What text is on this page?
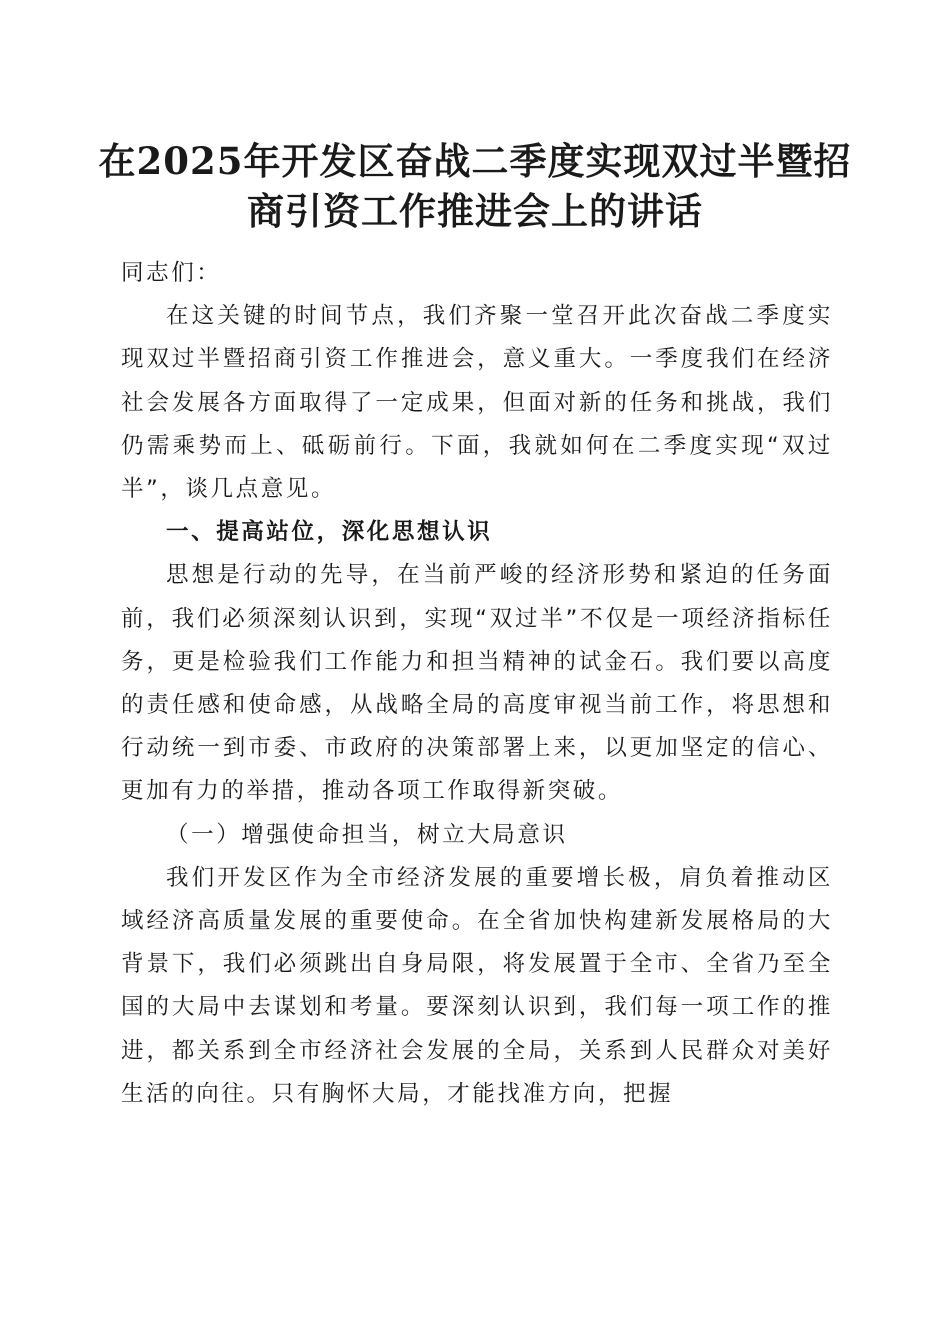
在2025年开发区奋战二季度实现双过半暨招
商引资工作推进会上的讲话

同志们：

在这关键的时间节点，我们齐聚一堂召开此次奋战二季度实现双过半暨招商引资工作推进会，意义重大。一季度我们在经济社会发展各方面取得了一定成果，但面对新的任务和挑战，我们仍需乘势而上、砥砺前行。下面，我就如何在二季度实现“双过半”，谈几点意见。

一、提高站位，深化思想认识

思想是行动的先导，在当前严峻的经济形势和紧迫的任务面前，我们必须深刻认识到，实现“双过半”不仅是一项经济指标任务，更是检验我们工作能力和担当精神的试金石。我们要以高度的责任感和使命感，从战略全局的高度审视当前工作，将思想和行动统一到市委、市政府的决策部署上来，以更加坚定的信心、更加有力的举措，推动各项工作取得新突破。

（一）增强使命担当，树立大局意识

我们开发区作为全市经济发展的重要增长极，肩负着推动区域经济高质量发展的重要使命。在全省加快构建新发展格局的大背景下，我们必须跳出自身局限，将发展置于全市、全省乃至全国的大局中去谋划和考量。要深刻认识到，我们每一项工作的推进，都关系到全市经济社会发展的全局，关系到人民群众对美好生活的向往。只有胸怀大局，才能找准方向，把握
